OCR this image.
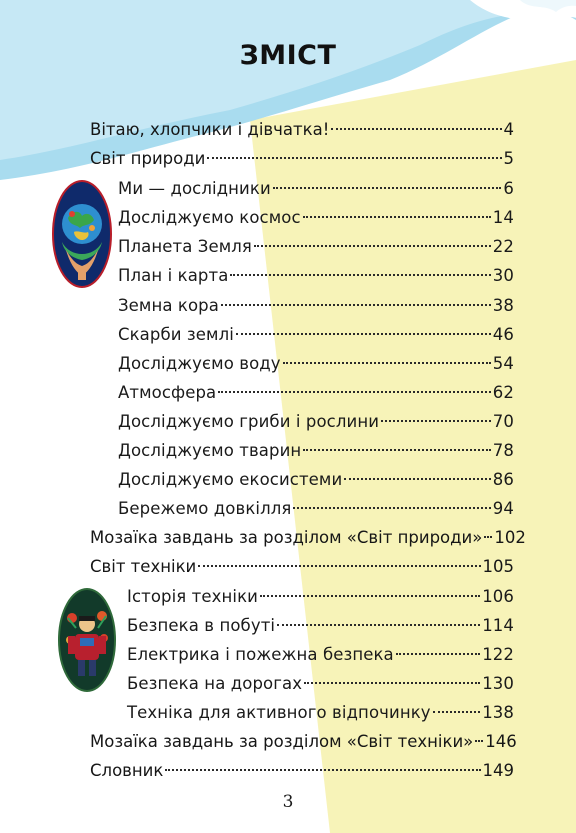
ЗМІСТ
Вітаю, хлопчики і дівчатка!	4
Світ природи	5
Ми — дослідники	6
Досліджуємо космос	14
Планета Земля	22
План і карта	30
Земна кора	38
Скарби землі	46
Досліджуємо воду	54
Атмосфера	62
Досліджуємо гриби і рослини	70
Досліджуємо тварин	78
Досліджуємо екосистеми	86
Бережемо довкілля	94
Мозаїка завдань за розділом «Світ природи» 102
Світ техніки	105
Історія техніки	106
Безпека в побуті	114
Електрика і пожежна безпека	122
Безпека на дорогах	130
Техніка для активного відпочинку	138
Мозаїка завдань за розділом «Світ техніки» 146
Словник	149
3
